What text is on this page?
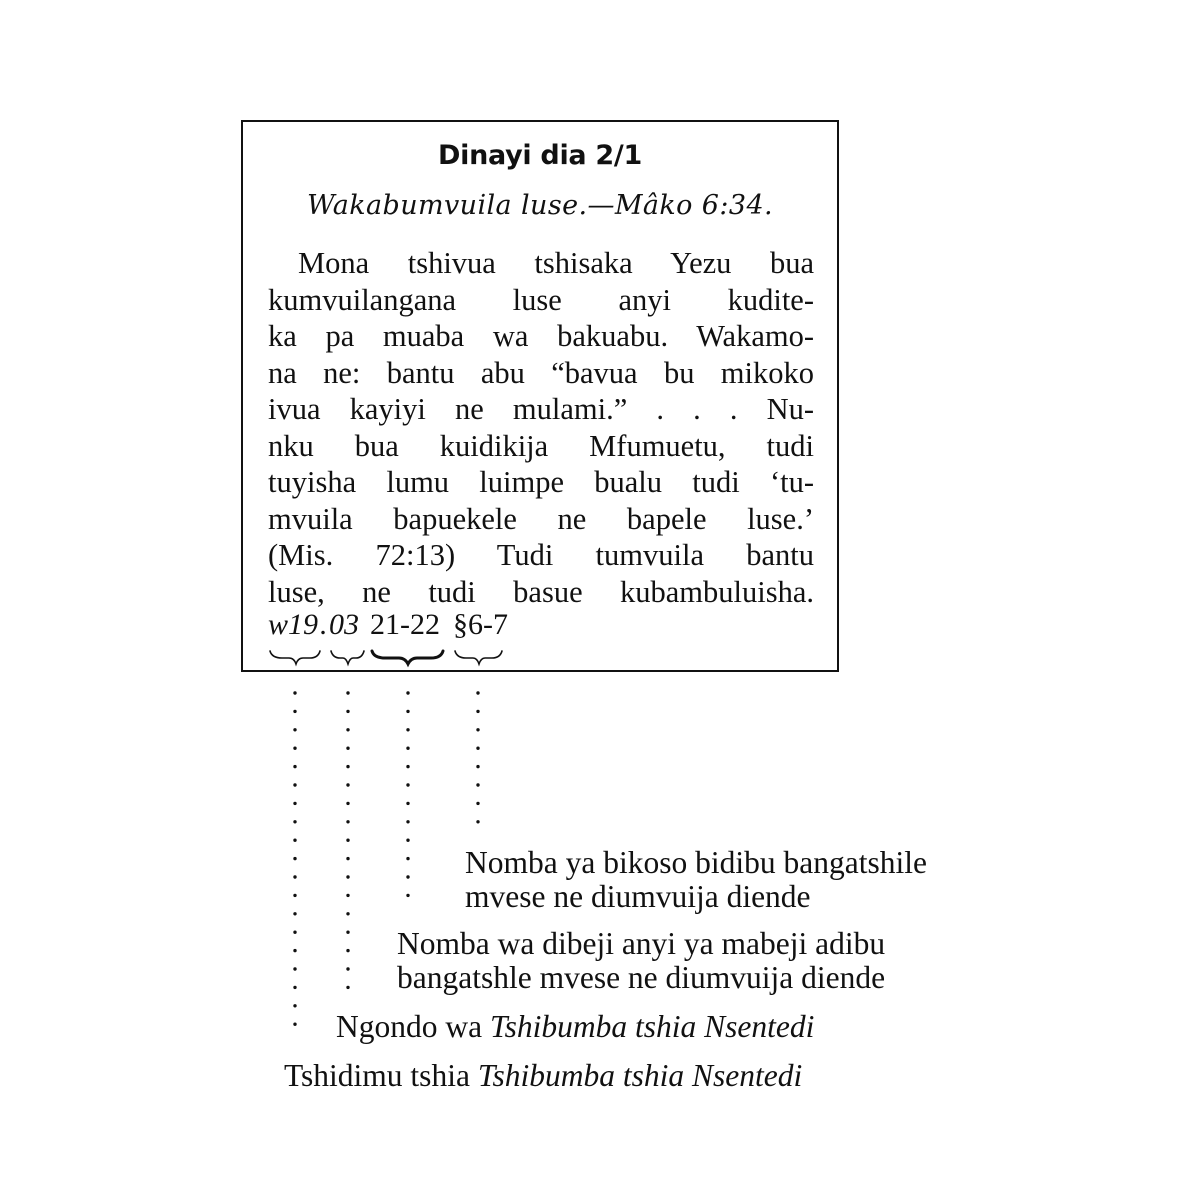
Dinayi dia 2/1
Wakabumvuila luse.—Mâko 6:34.
Mona tshivua tshisaka Yezu bua
kumvuilangana luse anyi kudite-
ka pa muaba wa bakuabu. Wakamo-
na ne: bantu abu “bavua bu mikoko
ivua kayiyi ne mulami.” . . . Nu-
nku bua kuidikija Mfumuetu, tudi
tuyisha lumu luimpe bualu tudi ‘tu-
mvuila bapuekele ne bapele luse.’
(Mis. 72:13) Tudi tumvuila bantu
luse, ne tudi basue kubambuluisha.
w19 . 03 21-22 §6-7
Nomba ya bikoso bidibu bangatshile
mvese ne diumvuija diende
Nomba wa dibeji anyi ya mabeji adibu
bangatshle mvese ne diumvuija diende
Ngondo wa Tshibumba tshia Nsentedi
Tshidimu tshia Tshibumba tshia Nsentedi
